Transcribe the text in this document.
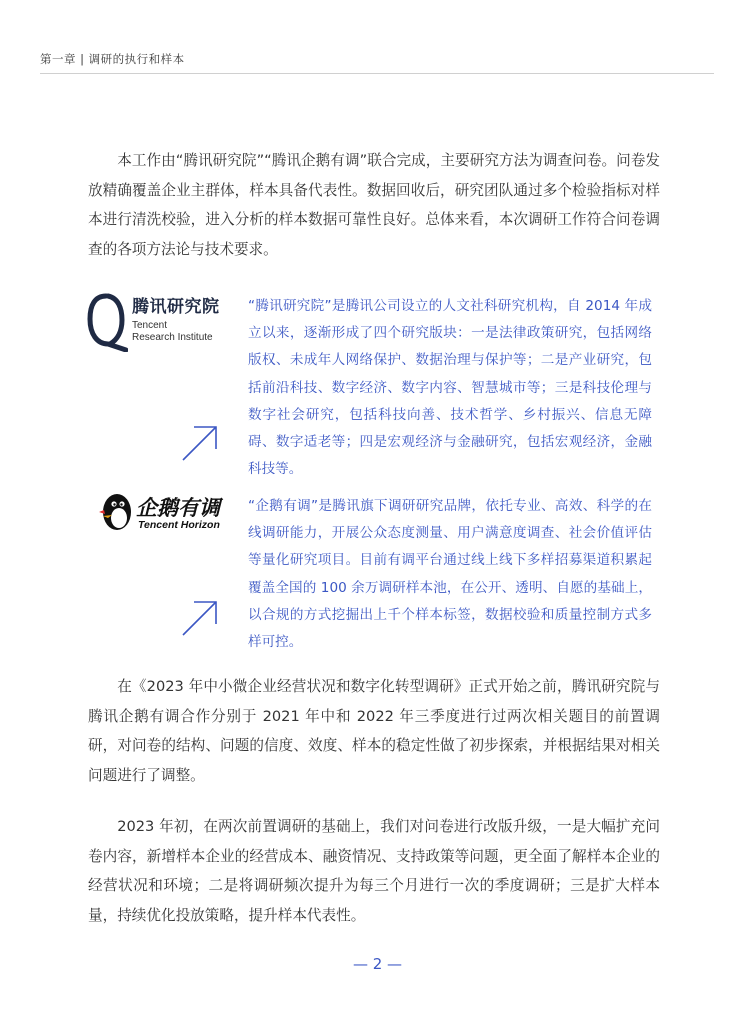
第一章 | 调研的执行和样本

本工作由“腾讯研究院”“腾讯企鹅有调”联合完成，主要研究方法为调查问卷。问卷发放精确覆盖企业主群体，样本具备代表性。数据回收后，研究团队通过多个检验指标对样本进行清洗校验，进入分析的样本数据可靠性良好。总体来看，本次调研工作符合问卷调查的各项方法论与技术要求。

腾讯研究院
Tencent
Research Institute

“腾讯研究院”是腾讯公司设立的人文社科研究机构，自 2014 年成立以来，逐渐形成了四个研究版块：一是法律政策研究，包括网络版权、未成年人网络保护、数据治理与保护等；二是产业研究，包括前沿科技、数字经济、数字内容、智慧城市等；三是科技伦理与数字社会研究，包括科技向善、技术哲学、乡村振兴、信息无障碍、数字适老等；四是宏观经济与金融研究，包括宏观经济，金融科技等。

企鹅有调
Tencent Horizon

“企鹅有调”是腾讯旗下调研研究品牌，依托专业、高效、科学的在线调研能力，开展公众态度测量、用户满意度调查、社会价值评估等量化研究项目。目前有调平台通过线上线下多样招募渠道积累起覆盖全国的 100 余万调研样本池，在公开、透明、自愿的基础上，以合规的方式挖掘出上千个样本标签，数据校验和质量控制方式多样可控。

在《2023 年中小微企业经营状况和数字化转型调研》正式开始之前，腾讯研究院与腾讯企鹅有调合作分别于 2021 年中和 2022 年三季度进行过两次相关题目的前置调研，对问卷的结构、问题的信度、效度、样本的稳定性做了初步探索，并根据结果对相关问题进行了调整。

2023 年初，在两次前置调研的基础上，我们对问卷进行改版升级，一是大幅扩充问卷内容，新增样本企业的经营成本、融资情况、支持政策等问题，更全面了解样本企业的经营状况和环境；二是将调研频次提升为每三个月进行一次的季度调研；三是扩大样本量，持续优化投放策略，提升样本代表性。

— 2 —
